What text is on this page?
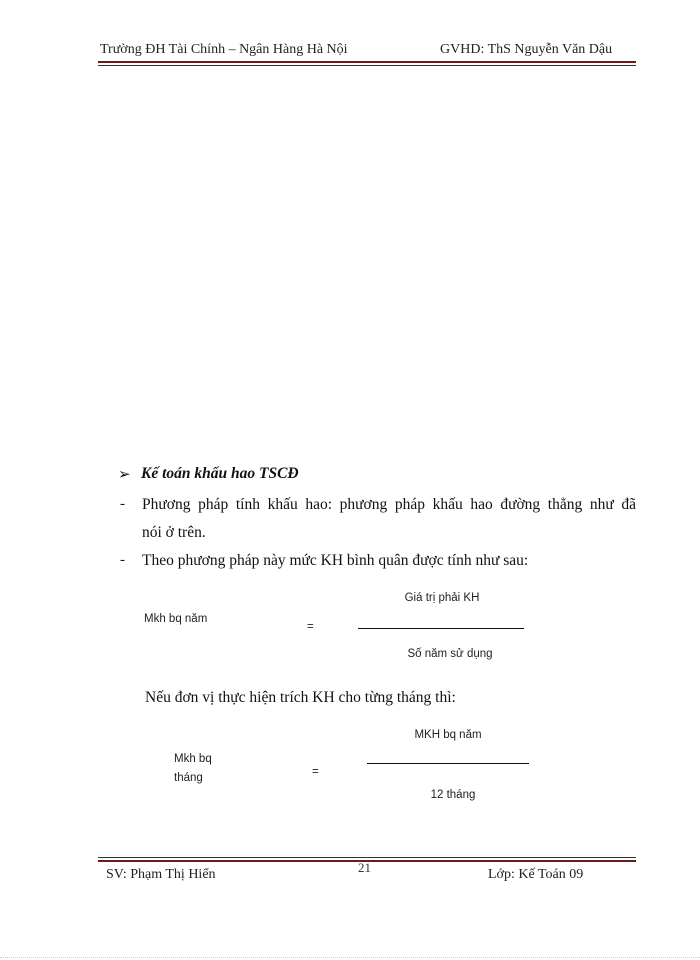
Trường ĐH Tài Chính – Ngân Hàng Hà Nội	GVHD: ThS Nguyễn Văn Dậu
➢ Kế toán khấu hao TSCĐ
- Phương pháp tính khấu hao: phương pháp khấu hao đường thẳng như đã
nói ở trên.
- Theo phương pháp này mức KH bình quân được tính như sau:
Mkh bq năm
=
Giá trị phải KH
Số năm sử dụng
Nếu đơn vị thực hiện trích KH cho từng tháng thì:
Mkh bq
tháng	=
MKH bq năm
12 tháng
21
SV: Phạm Thị Hiển	Lớp: Kế Toán 09
